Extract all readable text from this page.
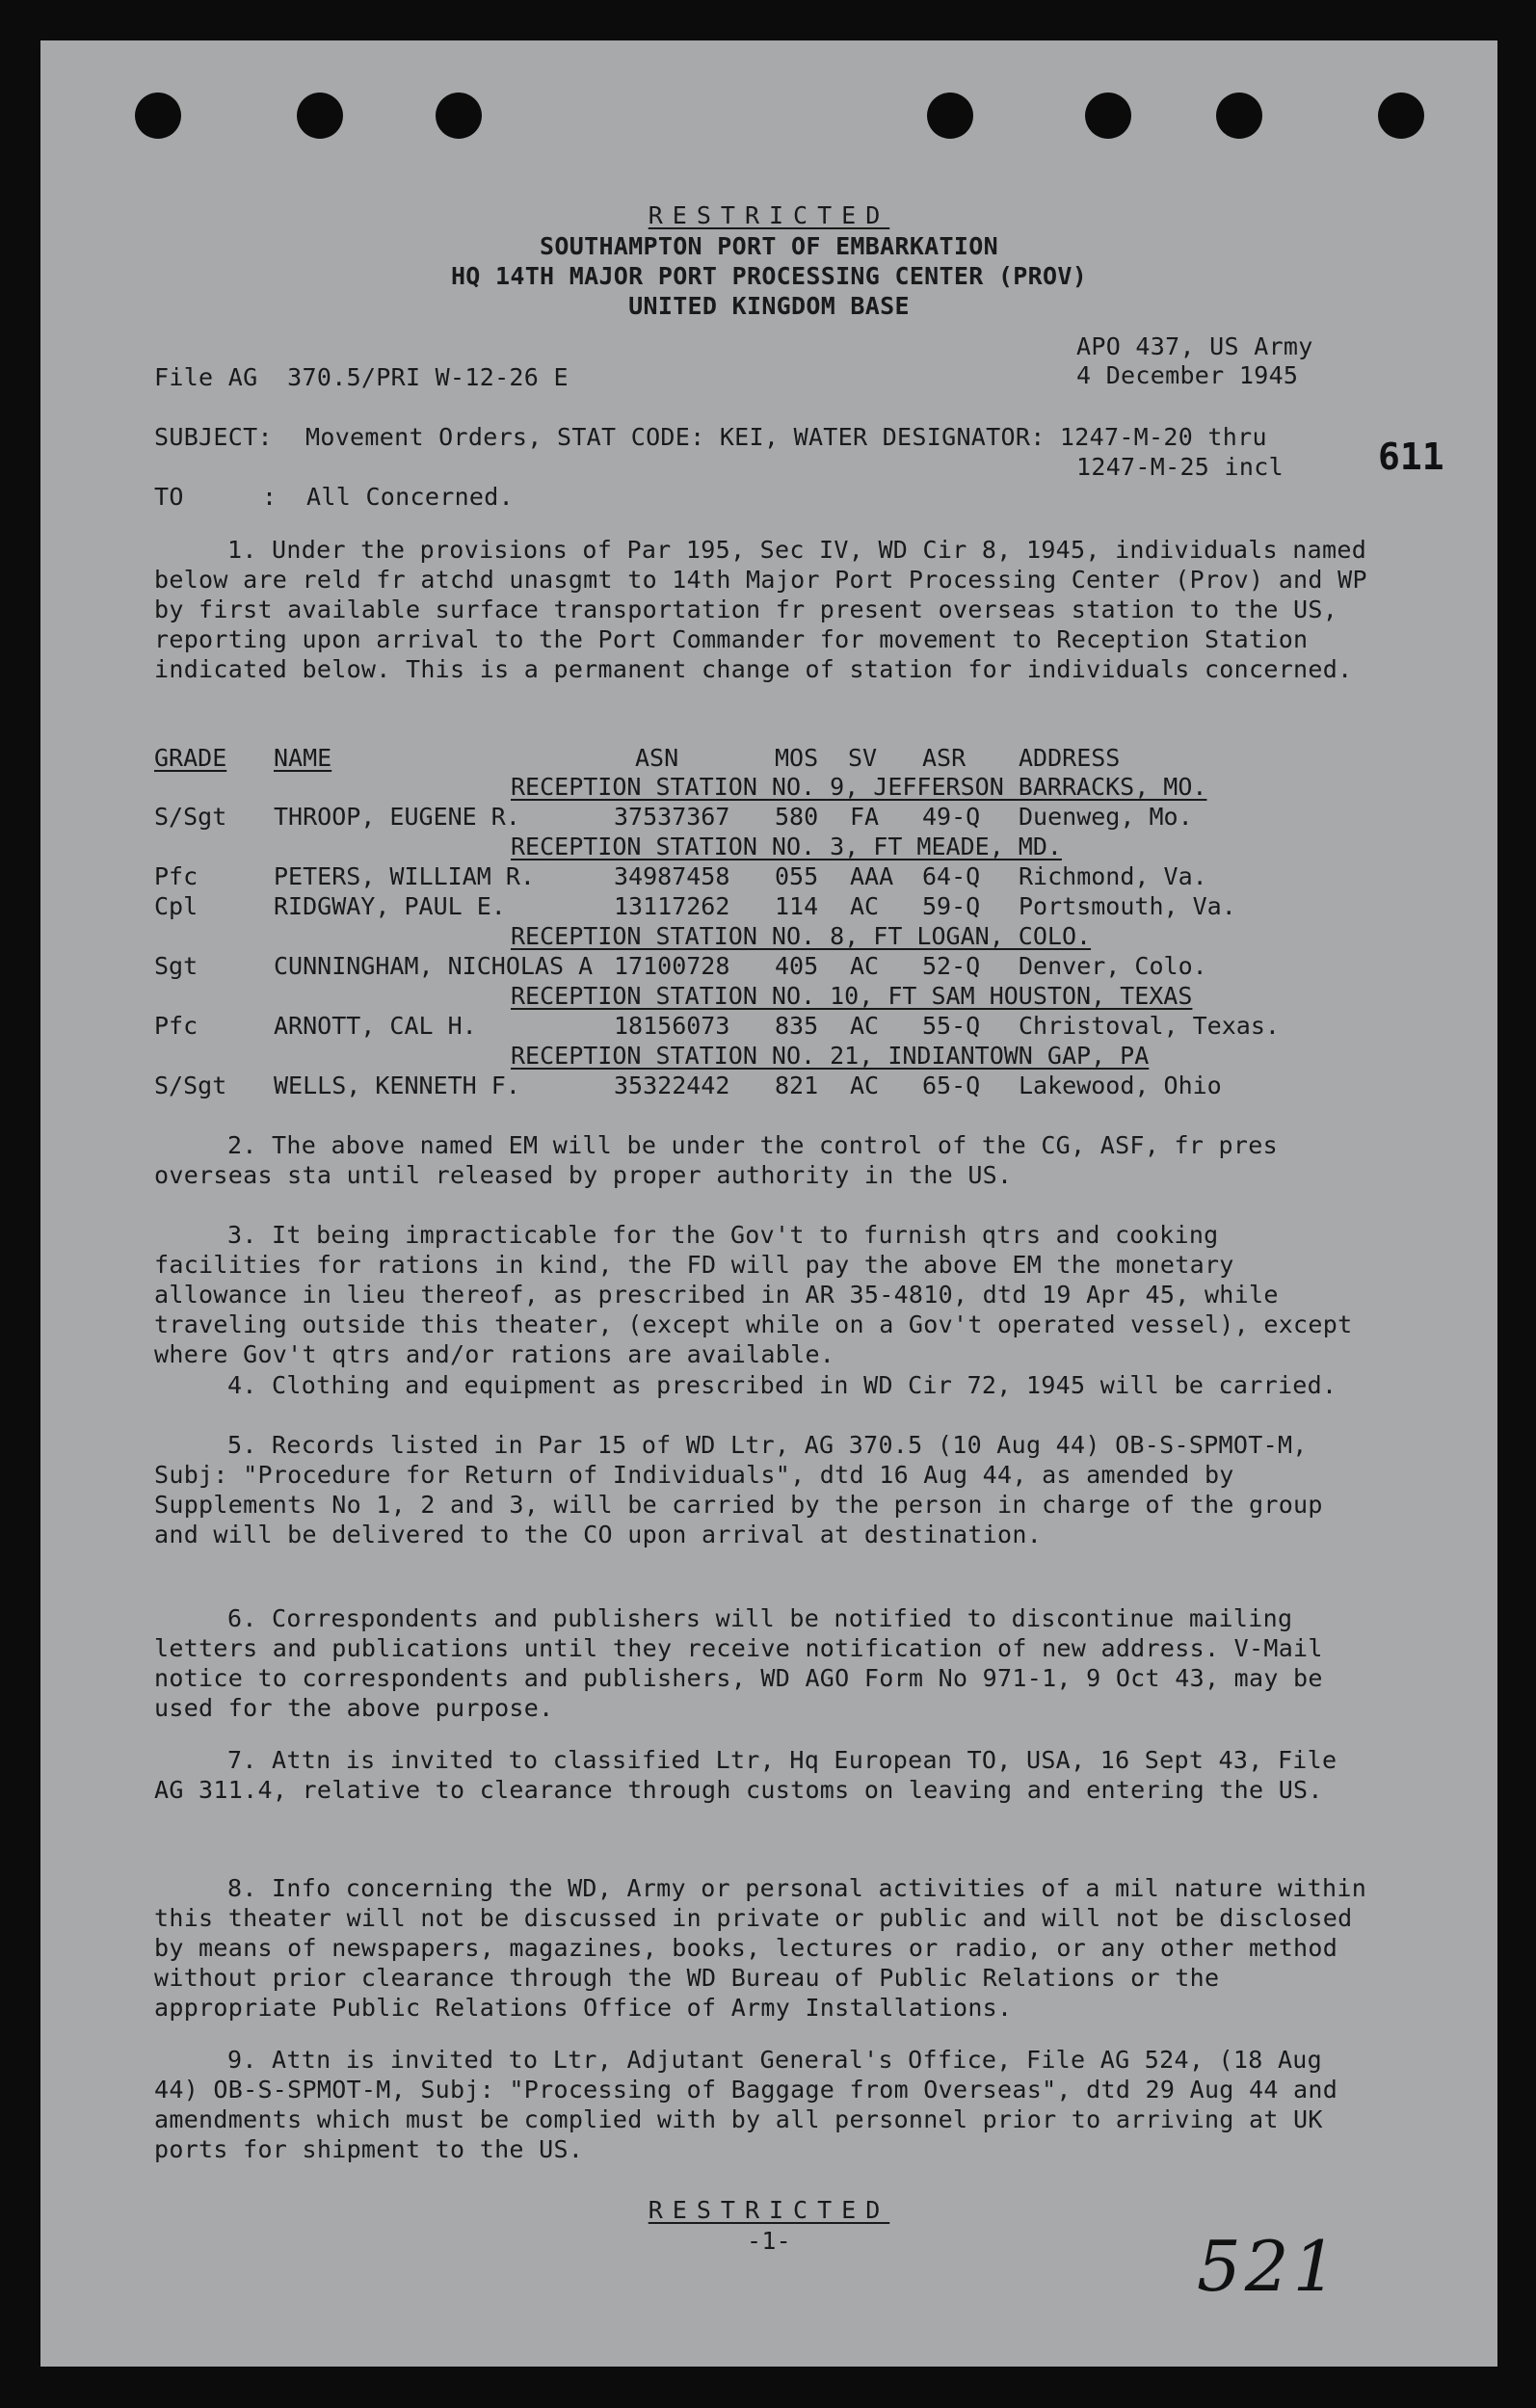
RESTRICTED
SOUTHAMPTON PORT OF EMBARKATION
HQ 14TH MAJOR PORT PROCESSING CENTER (PROV)
UNITED KINGDOM BASE
APO 437, US Army
4 December 1945
File AG  370.5/PRI W-12-26 E
SUBJECT: Movement Orders, STAT CODE: KEI, WATER DESIGNATOR: 1247-M-20 thru
1247-M-25 incl	611
TO	:  All Concerned.
1. Under the provisions of Par 195, Sec IV, WD Cir 8, 1945, individuals named below are reld fr atchd unasgmt to 14th Major Port Processing Center (Prov) and WP by first available surface transportation fr present overseas station to the US, reporting upon arrival to the Port Commander for movement to Reception Station indicated below. This is a permanent change of station for individuals concerned.
GRADE NAME	ASN	MOS SV ASR ADDRESS
RECEPTION STATION NO. 9, JEFFERSON BARRACKS, MO.
S/Sgt THROOP, EUGENE R.	37537367 580 FA 49-Q Duenweg, Mo.
RECEPTION STATION NO. 3, FT MEADE, MD.
Pfc	PETERS, WILLIAM R.	34987458 055 AAA 64-Q Richmond, Va.
Cpl	RIDGWAY, PAUL E.	13117262 114 AC 59-Q Portsmouth, Va.
RECEPTION STATION NO. 8, FT LOGAN, COLO.
Sgt	CUNNINGHAM, NICHOLAS A 17100728 405 AC 52-Q Denver, Colo.
RECEPTION STATION NO. 10, FT SAM HOUSTON, TEXAS
Pfc	ARNOTT, CAL H.	18156073 835 AC 55-Q Christoval, Texas.
RECEPTION STATION NO. 21, INDIANTOWN GAP, PA
S/Sgt WELLS, KENNETH F.	35322442 821 AC 65-Q Lakewood, Ohio
2. The above named EM will be under the control of the CG, ASF, fr pres overseas sta until released by proper authority in the US.
3. It being impracticable for the Gov't to furnish qtrs and cooking facilities for rations in kind, the FD will pay the above EM the monetary allowance in lieu thereof, as prescribed in AR 35-4810, dtd 19 Apr 45, while traveling outside this theater, (except while on a Gov't operated vessel), except where Gov't qtrs and/or rations are available.
4. Clothing and equipment as prescribed in WD Cir 72, 1945 will be carried.
5. Records listed in Par 15 of WD Ltr, AG 370.5 (10 Aug 44) OB-S-SPMOT-M, Subj: "Procedure for Return of Individuals", dtd 16 Aug 44, as amended by Supplements No 1, 2 and 3, will be carried by the person in charge of the group and will be delivered to the CO upon arrival at destination.
6. Correspondents and publishers will be notified to discontinue mailing letters and publications until they receive notification of new address. V-Mail notice to correspondents and publishers, WD AGO Form No 971-1, 9 Oct 43, may be used for the above purpose.
7. Attn is invited to classified Ltr, Hq European TO, USA, 16 Sept 43, File AG 311.4, relative to clearance through customs on leaving and entering the US.
8. Info concerning the WD, Army or personal activities of a mil nature within this theater will not be discussed in private or public and will not be disclosed by means of newspapers, magazines, books, lectures or radio, or any other method without prior clearance through the WD Bureau of Public Relations or the appropriate Public Relations Office of Army Installations.
9. Attn is invited to Ltr, Adjutant General's Office, File AG 524, (18 Aug 44) OB-S-SPMOT-M, Subj: "Processing of Baggage from Overseas", dtd 29 Aug 44 and amendments which must be complied with by all personnel prior to arriving at UK ports for shipment to the US.
RESTRICTED
-1-	521
